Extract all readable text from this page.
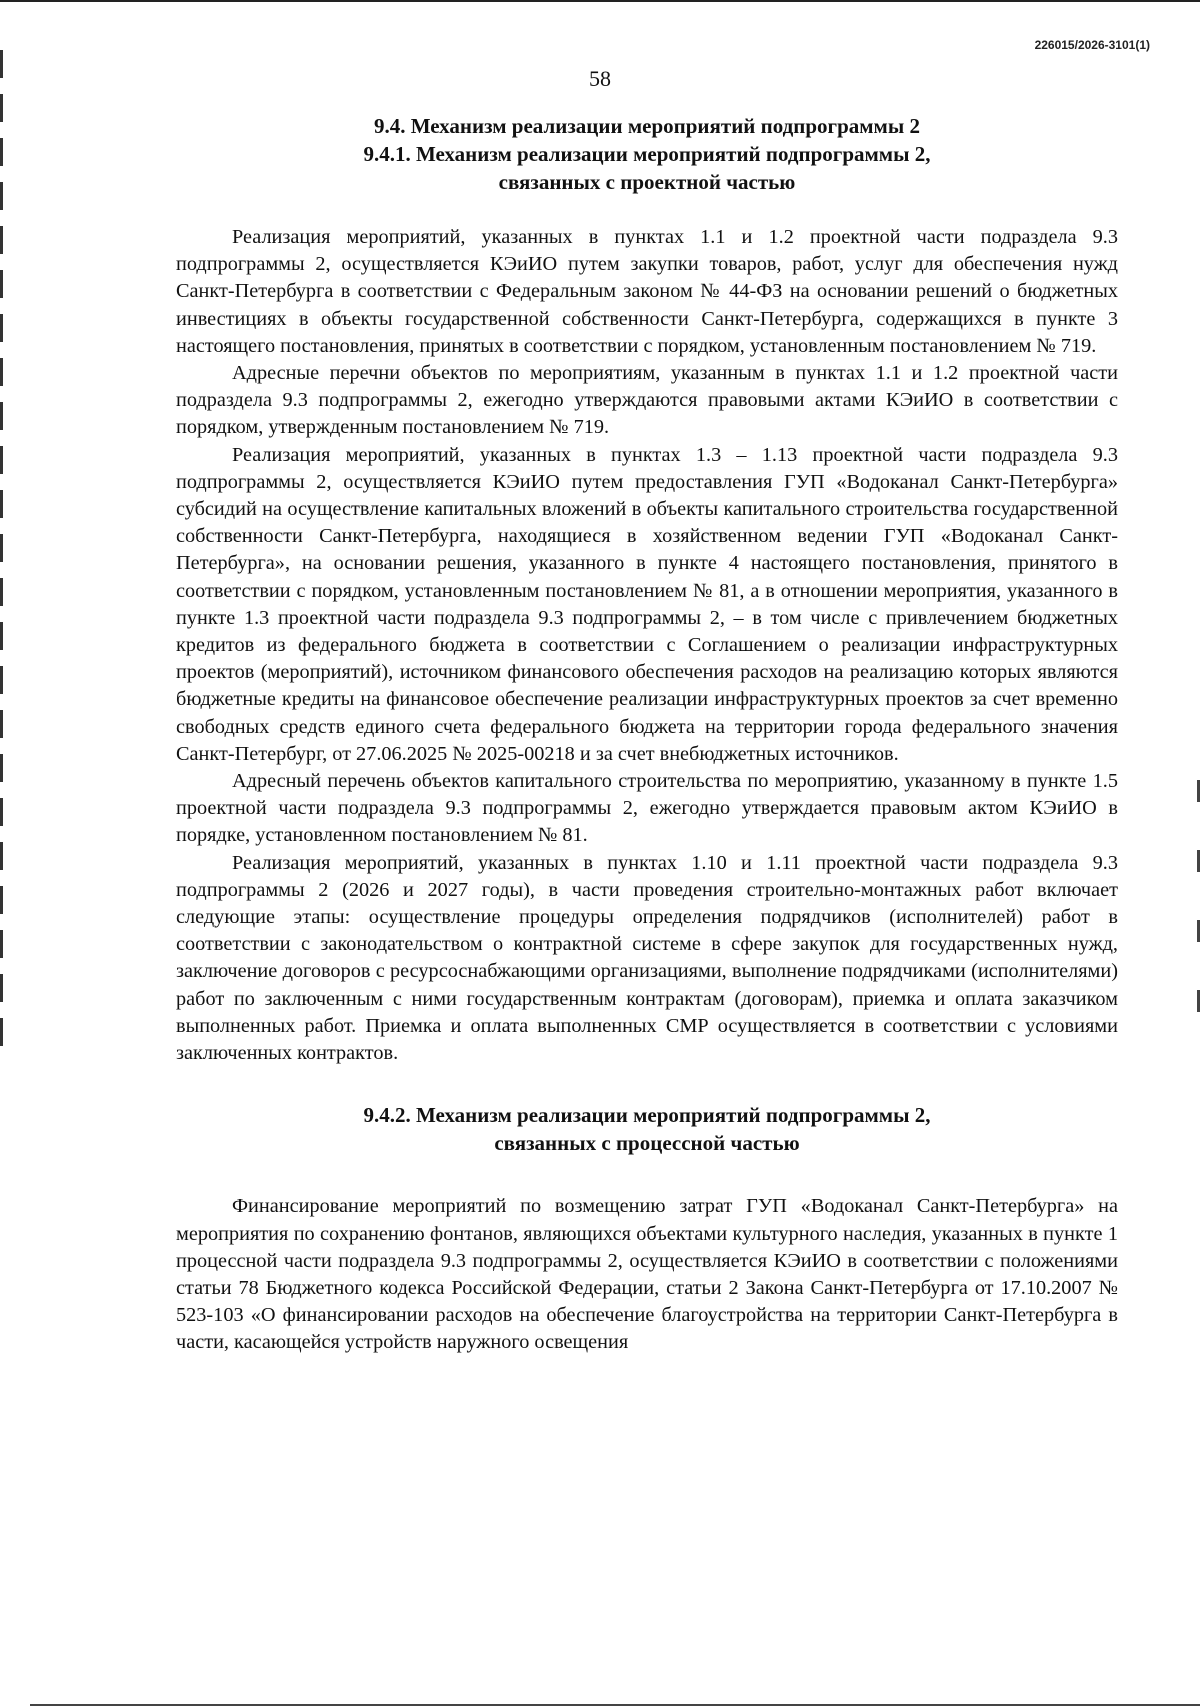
226015/2026-3101(1)
58

9.4. Механизм реализации мероприятий подпрограммы 2

9.4.1. Механизм реализации мероприятий подпрограммы 2,

связанных с проектной частью

Реализация мероприятий, указанных в пунктах 1.1 и 1.2 проектной части подраздела 9.3 подпрограммы 2, осуществляется КЭиИО путем закупки товаров, работ, услуг для обеспечения нужд Санкт-Петербурга в соответствии с Федеральным законом № 44-ФЗ на основании решений о бюджетных инвестициях в объекты государственной собственности Санкт-Петербурга, содержащихся в пункте 3 настоящего постановления, принятых в соответствии с порядком, установленным постановлением № 719.

Адресные перечни объектов по мероприятиям, указанным в пунктах 1.1 и 1.2 проектной части подраздела 9.3 подпрограммы 2, ежегодно утверждаются правовыми актами КЭиИО в соответствии с порядком, утвержденным постановлением № 719.

Реализация мероприятий, указанных в пунктах 1.3 – 1.13 проектной части подраздела 9.3 подпрограммы 2, осуществляется КЭиИО путем предоставления ГУП «Водоканал Санкт-Петербурга» субсидий на осуществление капитальных вложений в объекты капитального строительства государственной собственности Санкт-Петербурга, находящиеся в хозяйственном ведении ГУП «Водоканал Санкт-Петербурга», на основании решения, указанного в пункте 4 настоящего постановления, принятого в соответствии с порядком, установленным постановлением № 81, а в отношении мероприятия, указанного в пункте 1.3 проектной части подраздела 9.3 подпрограммы 2, – в том числе с привлечением бюджетных кредитов из федерального бюджета в соответствии с Соглашением о реализации инфраструктурных проектов (мероприятий), источником финансового обеспечения расходов на реализацию которых являются бюджетные кредиты на финансовое обеспечение реализации инфраструктурных проектов за счет временно свободных средств единого счета федерального бюджета на территории города федерального значения Санкт-Петербург, от 27.06.2025 № 2025-00218 и за счет внебюджетных источников.

Адресный перечень объектов капитального строительства по мероприятию, указанному в пункте 1.5 проектной части подраздела 9.3 подпрограммы 2, ежегодно утверждается правовым актом КЭиИО в порядке, установленном постановлением № 81.

Реализация мероприятий, указанных в пунктах 1.10 и 1.11 проектной части подраздела 9.3 подпрограммы 2 (2026 и 2027 годы), в части проведения строительно-монтажных работ включает следующие этапы: осуществление процедуры определения подрядчиков (исполнителей) работ в соответствии с законодательством о контрактной системе в сфере закупок для государственных нужд, заключение договоров с ресурсоснабжающими организациями, выполнение подрядчиками (исполнителями) работ по заключенным с ними государственным контрактам (договорам), приемка и оплата заказчиком выполненных работ. Приемка и оплата выполненных СМР осуществляется в соответствии с условиями заключенных контрактов.

9.4.2. Механизм реализации мероприятий подпрограммы 2,

связанных с процессной частью

Финансирование мероприятий по возмещению затрат ГУП «Водоканал Санкт-Петербурга» на мероприятия по сохранению фонтанов, являющихся объектами культурного наследия, указанных в пункте 1 процессной части подраздела 9.3 подпрограммы 2, осуществляется КЭиИО в соответствии с положениями статьи 78 Бюджетного кодекса Российской Федерации, статьи 2 Закона Санкт-Петербурга от 17.10.2007 № 523-103 «О финансировании расходов на обеспечение благоустройства на территории Санкт-Петербурга в части, касающейся устройств наружного освещения
